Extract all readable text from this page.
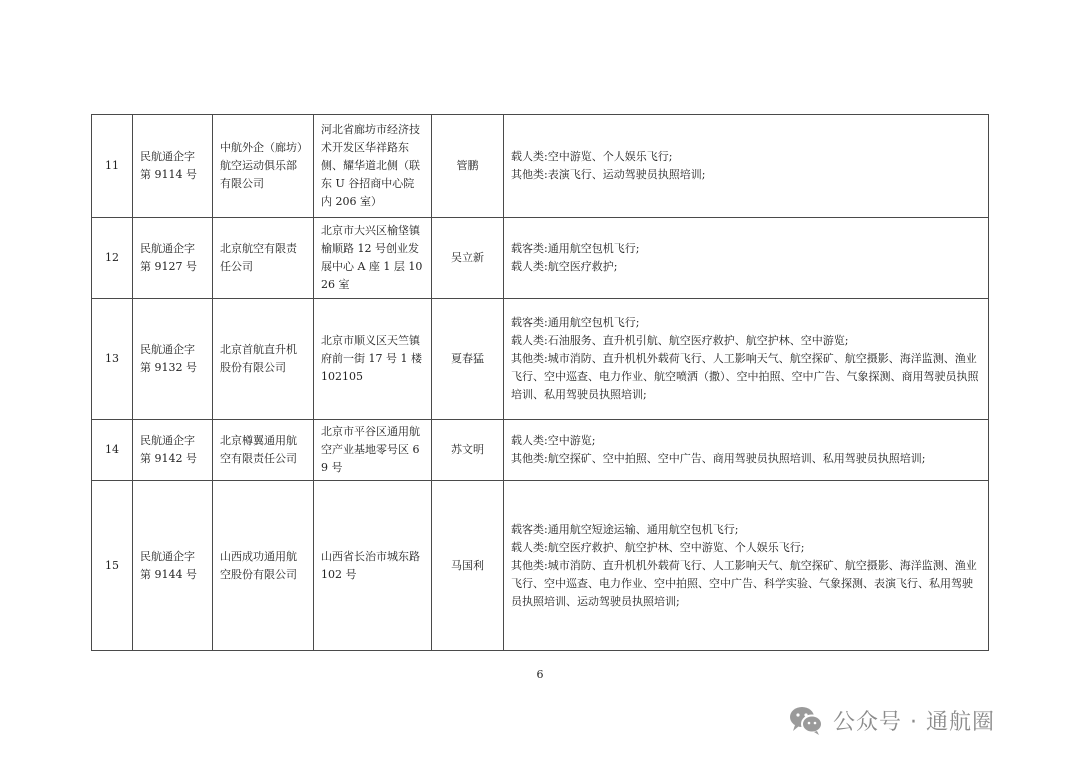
11	民航通企字第 9114 号	中航外企（廊坊）航空运动俱乐部有限公司	河北省廊坊市经济技术开发区华祥路东侧、耀华道北侧（联东 U 谷招商中心院内 206 室）	管鹏	载人类:空中游览、个人娱乐飞行;
其他类:表演飞行、运动驾驶员执照培训;

12	民航通企字第 9127 号	北京航空有限责任公司	北京市大兴区榆垡镇榆顺路 12 号创业发展中心 A 座 1 层 1026 室	吴立新	载客类:通用航空包机飞行;
载人类:航空医疗救护;

13	民航通企字第 9132 号	北京首航直升机股份有限公司	北京市顺义区天竺镇府前一街 17 号 1 楼 102105	夏春猛	载客类:通用航空包机飞行;
载人类:石油服务、直升机引航、航空医疗救护、航空护林、空中游览;
其他类:城市消防、直升机机外载荷飞行、人工影响天气、航空探矿、航空摄影、海洋监测、渔业飞行、空中巡查、电力作业、航空喷洒（撒）、空中拍照、空中广告、气象探测、商用驾驶员执照培训、私用驾驶员执照培训;

14	民航通企字第 9142 号	北京樽翼通用航空有限责任公司	北京市平谷区通用航空产业基地零号区 69 号	苏文明	载人类:空中游览;
其他类:航空探矿、空中拍照、空中广告、商用驾驶员执照培训、私用驾驶员执照培训;

15	民航通企字第 9144 号	山西成功通用航空股份有限公司	山西省长治市城东路 102 号	马国利	载客类:通用航空短途运输、通用航空包机飞行;
载人类:航空医疗救护、航空护林、空中游览、个人娱乐飞行;
其他类:城市消防、直升机机外载荷飞行、人工影响天气、航空探矿、航空摄影、海洋监测、渔业飞行、空中巡查、电力作业、空中拍照、空中广告、科学实验、气象探测、表演飞行、私用驾驶员执照培训、运动驾驶员执照培训;
6
公众号 · 通航圈
